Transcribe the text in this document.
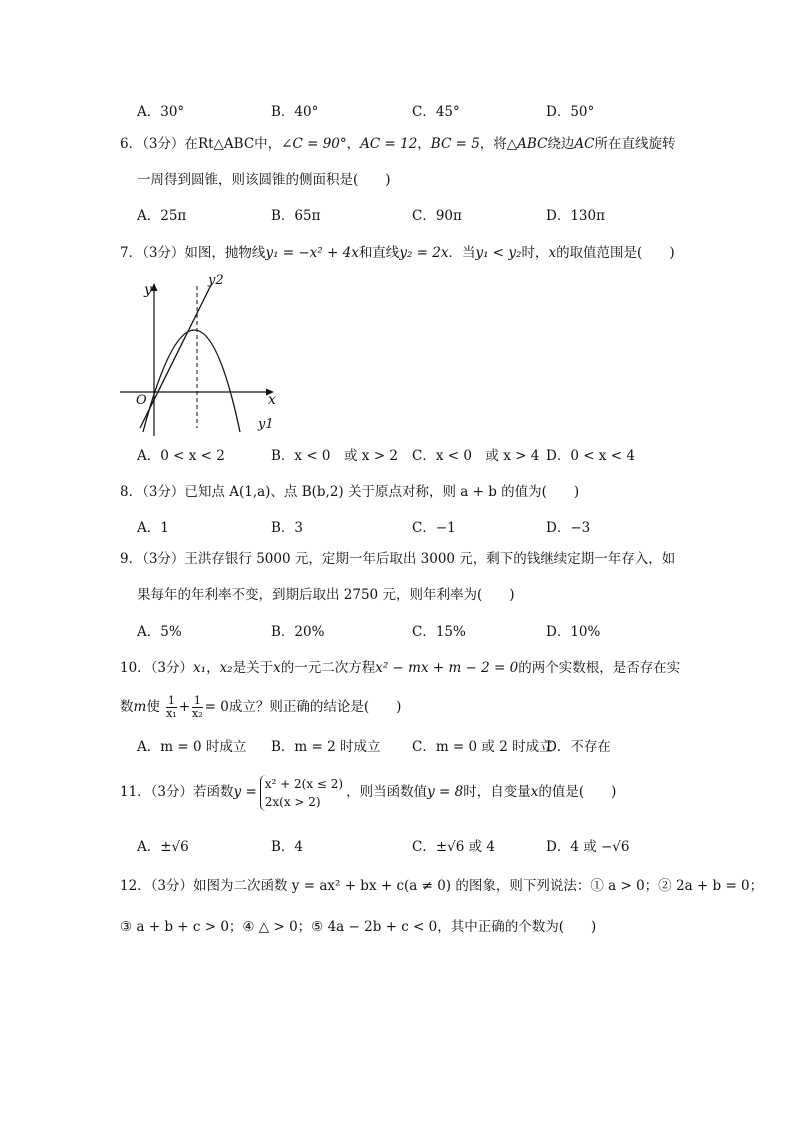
A．30°	B．40°	C．45°	D．50°
6．（3分）在Rt△ABC中，∠C = 90°，AC = 12，BC = 5，将△ABC绕边AC所在直线旋转
一周得到圆锥，则该圆锥的侧面积是(　　)
A．25π	B．65π	C．90π	D．130π
7．（3分）如图，抛物线y₁ = −x² + 4x和直线y₂ = 2x．当y₁ < y₂时，x的取值范围是(　　)
y
x
O
y2
y1
A．0 < x < 2	B．x < 0　或 x > 2 C．x < 0　或 x > 4 D．0 < x < 4
8．（3分）已知点 A(1,a)、点 B(b,2) 关于原点对称，则 a + b 的值为(　　)
A．1	B．3	C．−1	D．−3
9．（3分）王洪存银行 5000 元，定期一年后取出 3000 元，剩下的钱继续定期一年存入，如
果每年的年利率不变，到期后取出 2750 元，则年利率为(　　)
A．5%	B．20%	C．15%	D．10%
10．（3分）x₁，x₂是关于x的一元二次方程x² − mx + m − 2 = 0的两个实数根，是否存在实
数m使 $\frac{1}{\text{x₁}} + \frac{1}{\text{x₂}} = 0$成立？则正确的结论是(　　)
A．m = 0 时成立 B．m = 2 时成立 C．m = 0 或 2 时成立
D．不存在
11．（3分）若函数y =
x² + 2(x ≤ 2)
2x(x > 2)
，则当函数值y = 8时，自变量x的值是(　　)
A．±√6	B．4	C．±√6 或 4	D．4 或 −√6
12．（3分）如图为二次函数 y = ax² + bx + c(a ≠ 0) 的图象，则下列说法：① a > 0；② 2a + b = 0；
③ a + b + c > 0；④ △ > 0；⑤ 4a − 2b + c < 0，其中正确的个数为(　　)
